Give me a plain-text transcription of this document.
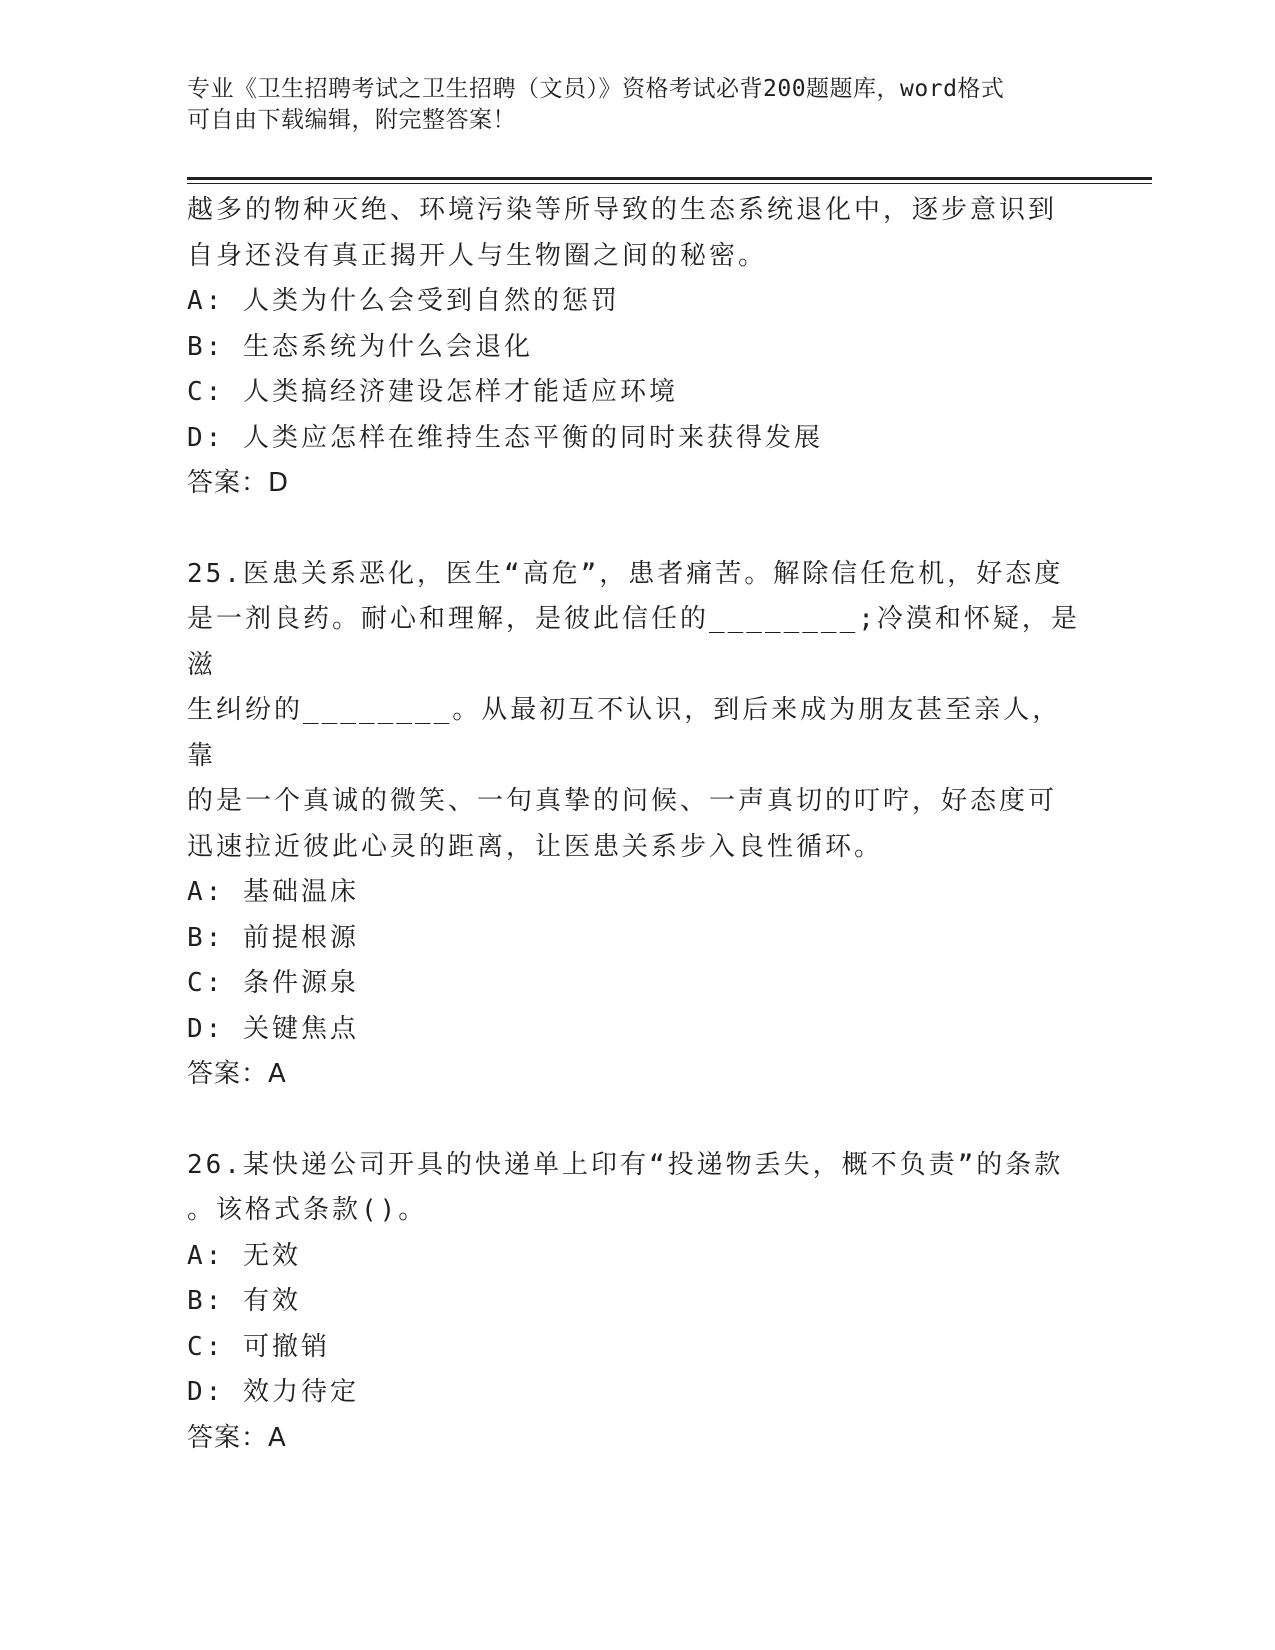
专业《卫生招聘考试之卫生招聘（文员）》资格考试必背200题题库，word格式
可自由下载编辑，附完整答案！

越多的物种灭绝、环境污染等所导致的生态系统退化中，逐步意识到

自身还没有真正揭开人与生物圈之间的秘密。

A: 人类为什么会受到自然的惩罚

B: 生态系统为什么会退化

C: 人类搞经济建设怎样才能适应环境

D: 人类应怎样在维持生态平衡的同时来获得发展

答案：D

25.医患关系恶化，医生“高危”，患者痛苦。解除信任危机，好态度

是一剂良药。耐心和理解，是彼此信任的________;冷漠和怀疑，是滋

生纠纷的________。从最初互不认识，到后来成为朋友甚至亲人，靠

的是一个真诚的微笑、一句真挚的问候、一声真切的叮咛，好态度可

迅速拉近彼此心灵的距离，让医患关系步入良性循环。

A: 基础温床

B: 前提根源

C: 条件源泉

D: 关键焦点

答案：A

26.某快递公司开具的快递单上印有“投递物丢失，概不负责”的条款

。该格式条款()。

A: 无效

B: 有效

C: 可撤销

D: 效力待定

答案：A
